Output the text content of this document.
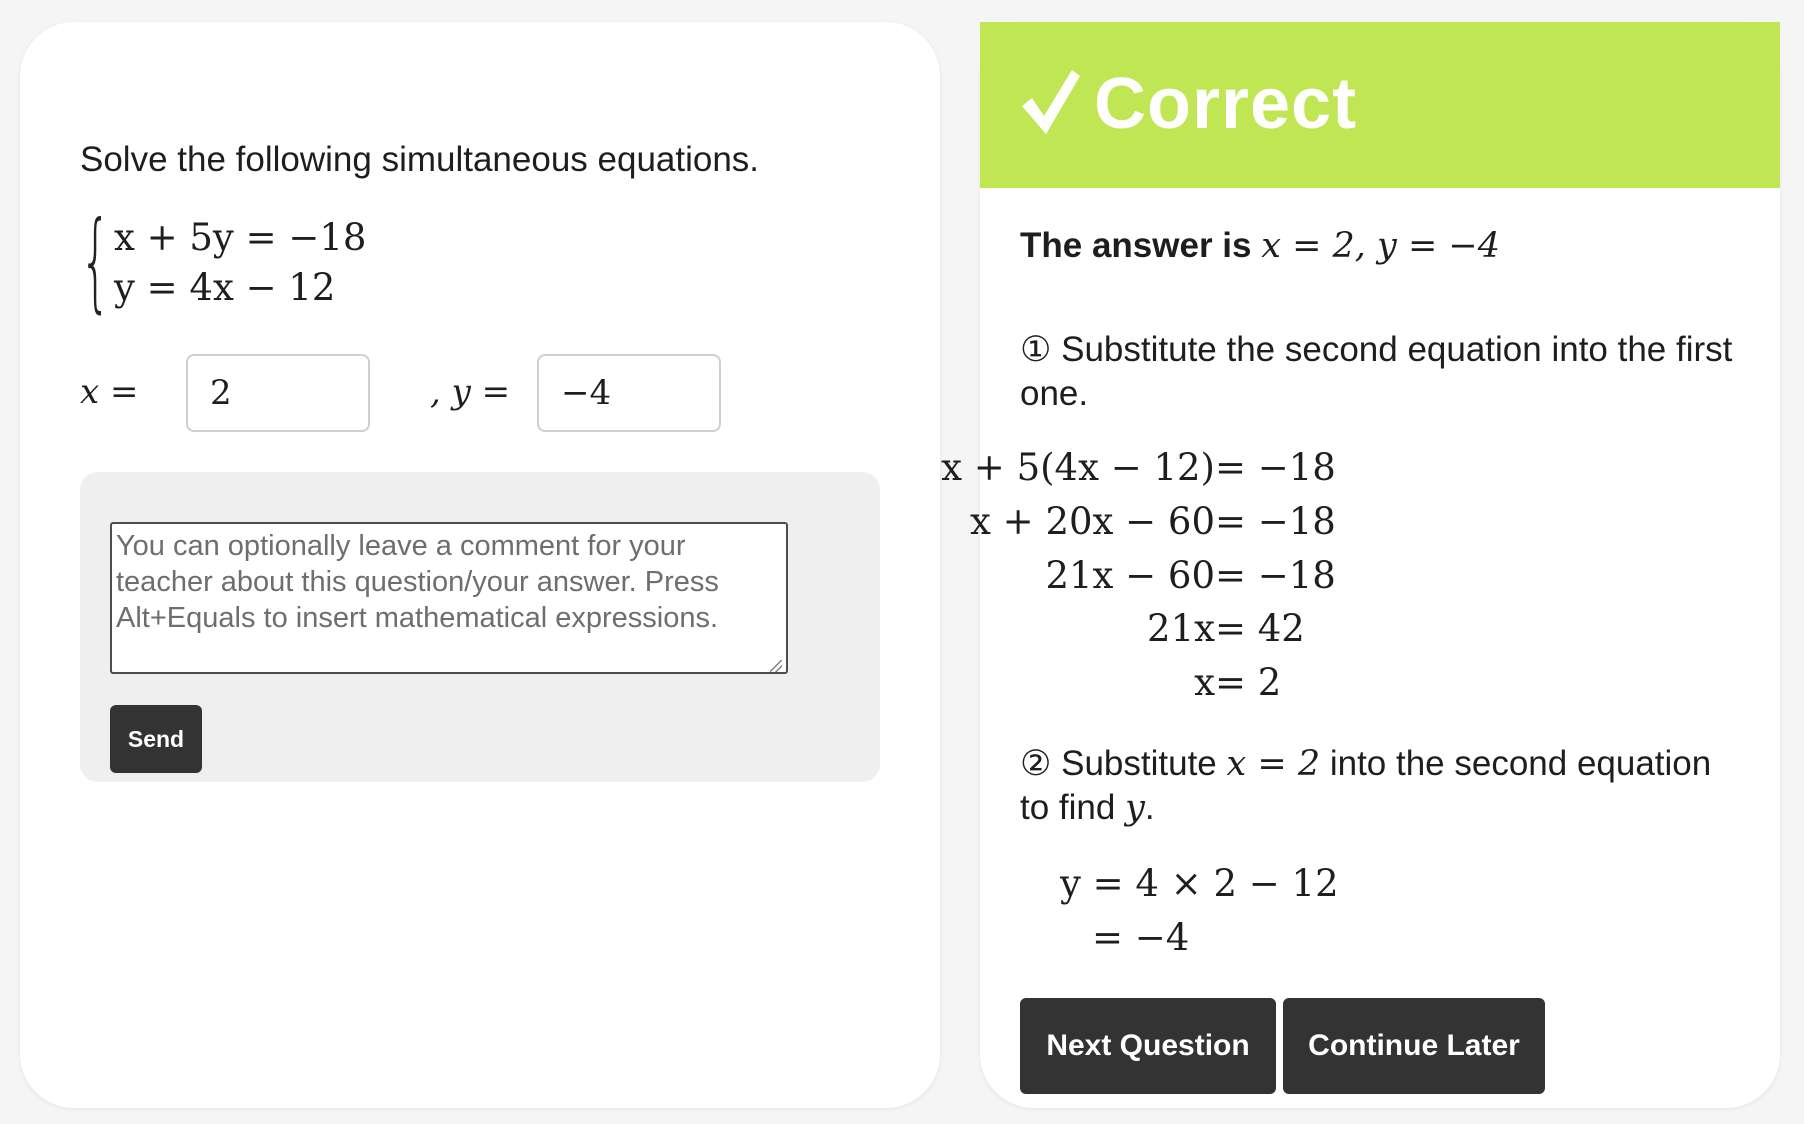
Solve the following simultaneous equations.
{ x + 5y = −18
y = 4x − 12
x =
2	, y =
−4
You can optionally leave a comment for your teacher about this question/your answer. Press Alt+Equals to insert mathematical expressions.
Send
Correct
The answer is x = 2, y = −4
① Substitute the second equation into the first one.
x + 5(4x − 12) = −18
x + 20x − 60 = −18
21x − 60 = −18
21x = 42
x = 2
② Substitute x = 2 into the second equation to find y.
y = 4 × 2 − 12
= −4
Next Question	Continue Later
